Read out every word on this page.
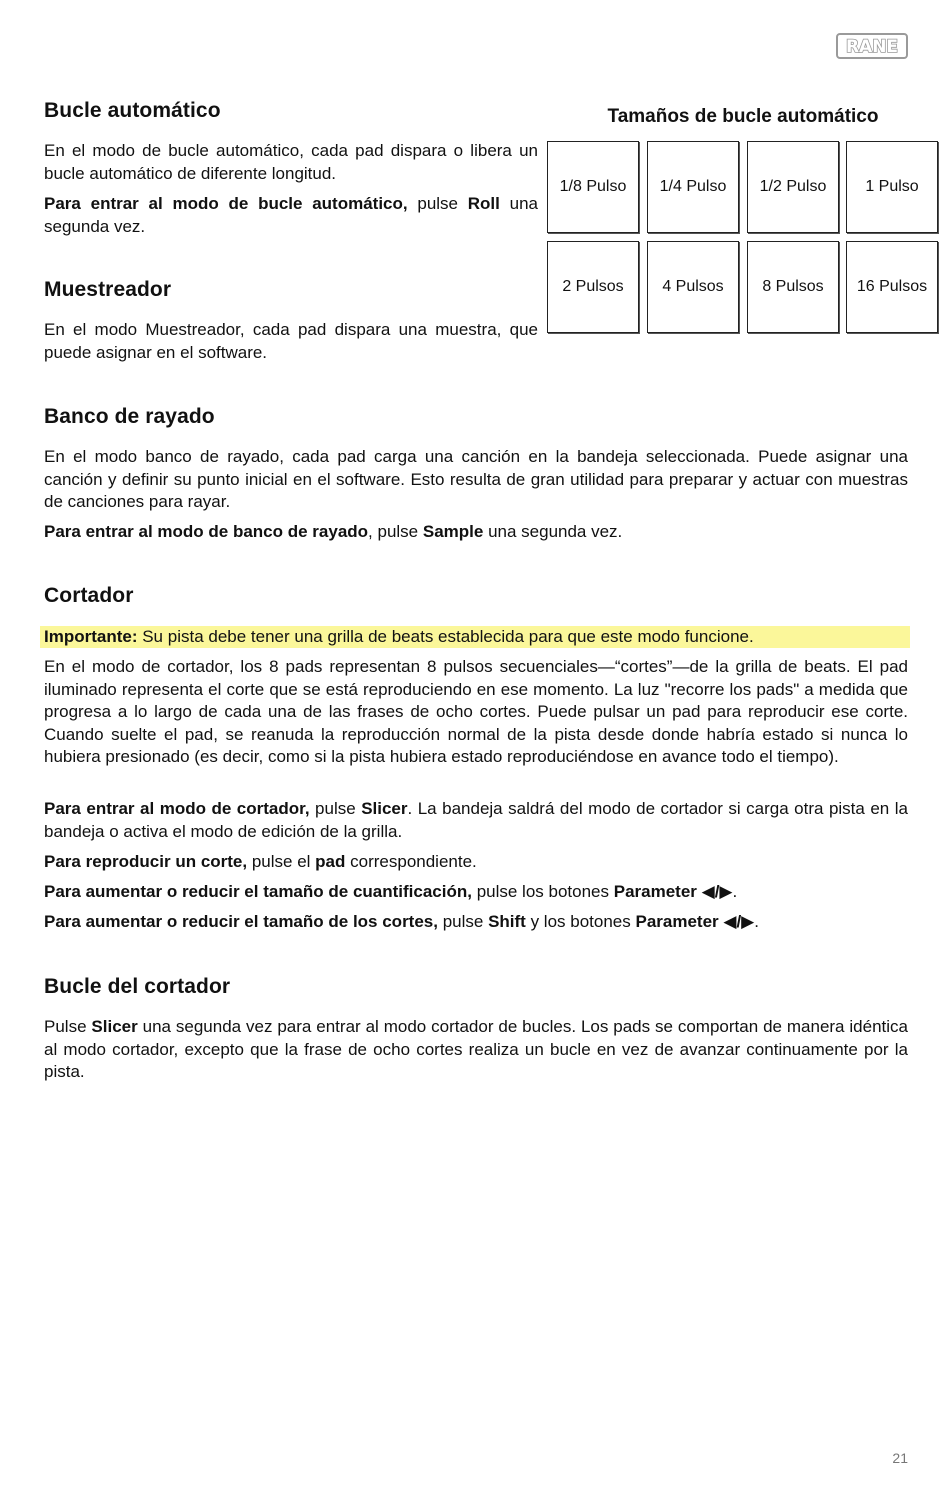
RANE
Bucle automático

En el modo de bucle automático, cada pad dispara o libera un bucle automático de diferente longitud.

Para entrar al modo de bucle automático, pulse Roll una segunda vez.

Muestreador

En el modo Muestreador, cada pad dispara una muestra, que puede asignar en el software.

Tamaños de bucle automático
1/8 Pulso	1/4 Pulso	1/2 Pulso	1 Pulso
2 Pulsos	4 Pulsos	8 Pulsos	16 Pulsos
Banco de rayado

En el modo banco de rayado, cada pad carga una canción en la bandeja seleccionada. Puede asignar una canción y definir su punto inicial en el software. Esto resulta de gran utilidad para preparar y actuar con muestras de canciones para rayar.

Para entrar al modo de banco de rayado, pulse Sample una segunda vez.

Cortador

Importante: Su pista debe tener una grilla de beats establecida para que este modo funcione.

En el modo de cortador, los 8 pads representan 8 pulsos secuenciales—“cortes”—de la grilla de beats. El pad iluminado representa el corte que se está reproduciendo en ese momento. La luz "recorre los pads" a medida que progresa a lo largo de cada una de las frases de ocho cortes. Puede pulsar un pad para reproducir ese corte. Cuando suelte el pad, se reanuda la reproducción normal de la pista desde donde habría estado si nunca lo hubiera presionado (es decir, como si la pista hubiera estado reproduciéndose en avance todo el tiempo).

Para entrar al modo de cortador, pulse Slicer. La bandeja saldrá del modo de cortador si carga otra pista en la bandeja o activa el modo de edición de la grilla.

Para reproducir un corte, pulse el pad correspondiente.

Para aumentar o reducir el tamaño de cuantificación, pulse los botones Parameter ◀/▶.

Para aumentar o reducir el tamaño de los cortes, pulse Shift y los botones Parameter ◀/▶.

Bucle del cortador

Pulse Slicer una segunda vez para entrar al modo cortador de bucles. Los pads se comportan de manera idéntica al modo cortador, excepto que la frase de ocho cortes realiza un bucle en vez de avanzar continuamente por la pista.

21
